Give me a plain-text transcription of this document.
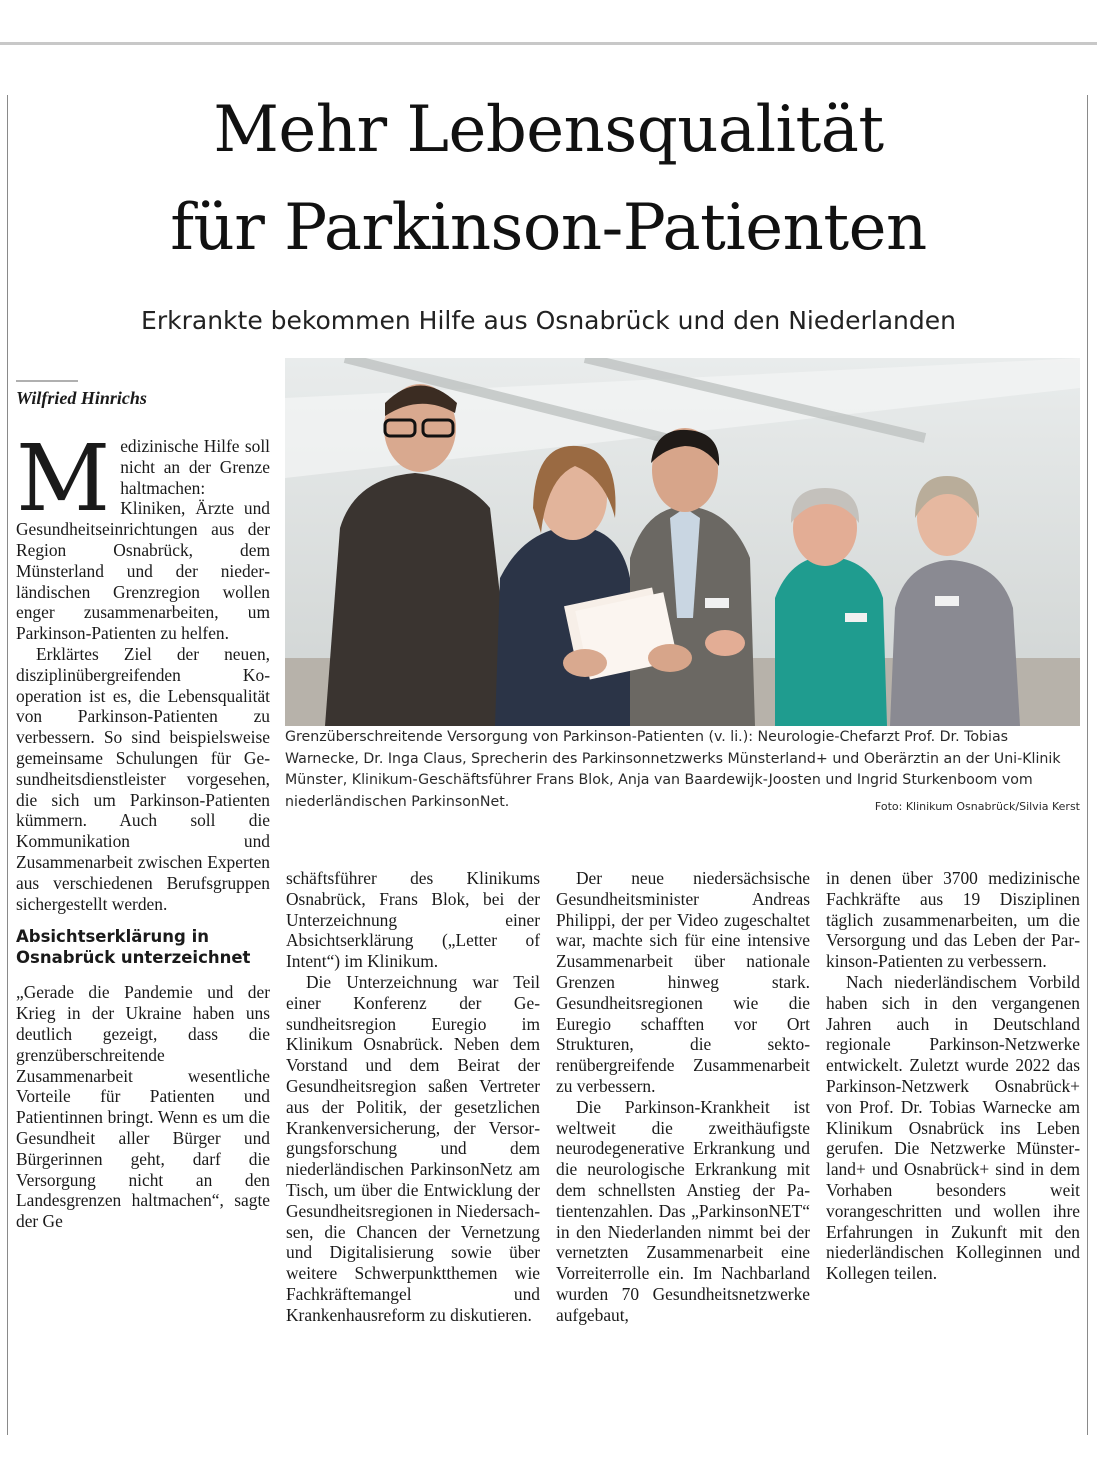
Mehr Lebensqualität
für Parkinson-Patienten
Erkrankte bekommen Hilfe aus Osnabrück und den Niederlanden
Wilfried Hinrichs

Medizinische Hilfe soll nicht an der Grenze haltmachen: Kliniken, Ärzte und Gesundheitseinrichtungen aus der Region Osnabrück, dem Münsterland und der niederländischen Grenzregion wollen enger zusammenarbeiten, um Parkinson-Patienten zu helfen.

Erklärtes Ziel der neuen, disziplinübergreifenden Kooperation ist es, die Lebensqualität von Parkinson-Patienten zu verbessern. So sind beispielsweise gemeinsame Schulungen für Gesundheitsdienstleister vorgesehen, die sich um Parkinson-Patienten kümmern. Auch soll die Kommunikation und Zusammenarbeit zwischen Experten aus verschiedenen Berufsgruppen sichergestellt werden.

Absichtserklärung in Osnabrück unterzeichnet

„Gerade die Pandemie und der Krieg in der Ukraine haben uns deutlich gezeigt, dass die grenzüberschreitende Zusammenarbeit wesentliche Vorteile für Patienten und Patientinnen bringt. Wenn es um die Gesundheit aller Bürger und Bürgerinnen geht, darf die Versorgung nicht an den Landesgrenzen haltmachen“, sagte der Ge

Grenzüberschreitende Versorgung von Parkinson-Patienten (v. li.): Neurologie-Chefarzt Prof. Dr. Tobias Warnecke, Dr. Inga Claus, Sprecherin des Parkinsonnetzwerks Münsterland+ und Oberärztin an der Uni-Klinik Münster, Klinikum-Geschäftsführer Frans Blok, Anja van Baardewijk-Joosten und Ingrid Sturkenboom vom niederländischen ParkinsonNet.	Foto: Klinikum Osnabrück/Silvia Kerst

schäftsführer des Klinikums Osnabrück, Frans Blok, bei der Unterzeichnung einer Absichtserklärung („Letter of Intent“) im Klinikum.

Die Unterzeichnung war Teil einer Konferenz der Gesundheitsregion Euregio im Klinikum Osnabrück. Neben dem Vorstand und dem Beirat der Gesundheitsregion saßen Vertreter aus der Politik, der gesetzlichen Krankenversicherung, der Versorgungsforschung und dem niederländischen ParkinsonNetz am Tisch, um über die Entwicklung der Gesundheitsregionen in Niedersachsen, die Chancen der Vernetzung und Digitalisierung sowie über weitere Schwerpunktthemen wie Fachkräftemangel und Krankenhausreform zu diskutieren.

Der neue niedersächsische Gesundheitsminister Andreas Philippi, der per Video zugeschaltet war, machte sich für eine intensive Zusammenarbeit über nationale Grenzen hinweg stark. Gesundheitsregionen wie die Euregio schafften vor Ort Strukturen, die sektorenübergreifende Zusammenarbeit zu verbessern.

Die Parkinson-Krankheit ist weltweit die zweithäufigste neurodegenerative Erkrankung und die neurologische Erkrankung mit dem schnellsten Anstieg der Patientenzahlen. Das „ParkinsonNET“ in den Niederlanden nimmt bei der vernetzten Zusammenarbeit eine Vorreiterrolle ein. Im Nachbarland wurden 70 Gesundheitsnetzwerke aufgebaut,

in denen über 3700 medizinische Fachkräfte aus 19 Disziplinen täglich zusammenarbeiten, um die Versorgung und das Leben der Parkinson-Patienten zu verbessern.

Nach niederländischem Vorbild haben sich in den vergangenen Jahren auch in Deutschland regionale Parkinson-Netzwerke entwickelt. Zuletzt wurde 2022 das Parkinson-Netzwerk Osnabrück+ von Prof. Dr. Tobias Warnecke am Klinikum Osnabrück ins Leben gerufen. Die Netzwerke Münsterland+ und Osnabrück+ sind in dem Vorhaben besonders weit vorangeschritten und wollen ihre Erfahrungen in Zukunft mit den niederländischen Kolleginnen und Kollegen teilen.
